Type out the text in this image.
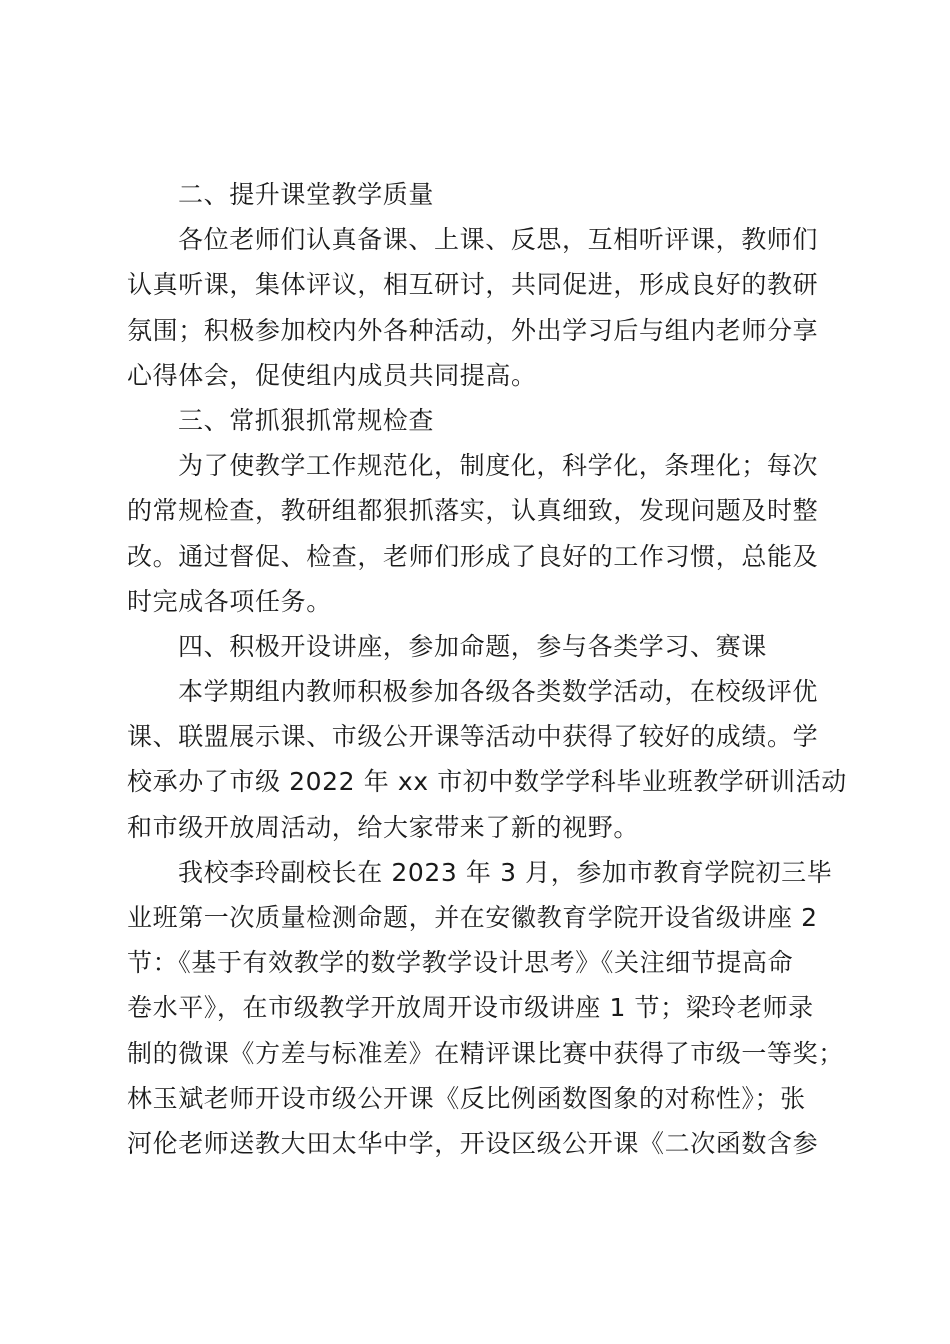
二、提升课堂教学质量
各位老师们认真备课、上课、反思，互相听评课，教师们
认真听课，集体评议，相互研讨，共同促进，形成良好的教研
氛围；积极参加校内外各种活动，外出学习后与组内老师分享
心得体会，促使组内成员共同提高。
三、常抓狠抓常规检查
为了使教学工作规范化，制度化，科学化，条理化；每次
的常规检查，教研组都狠抓落实，认真细致，发现问题及时整
改。通过督促、检查，老师们形成了良好的工作习惯，总能及
时完成各项任务。
四、积极开设讲座，参加命题，参与各类学习、赛课
本学期组内教师积极参加各级各类数学活动，在校级评优
课、联盟展示课、市级公开课等活动中获得了较好的成绩。学
校承办了市级 2022 年 xx 市初中数学学科毕业班教学研训活动
和市级开放周活动，给大家带来了新的视野。
我校李玲副校长在 2023 年 3 月，参加市教育学院初三毕
业班第一次质量检测命题，并在安徽教育学院开设省级讲座 2
节：《基于有效教学的数学教学设计思考》《关注细节提高命
卷水平》，在市级教学开放周开设市级讲座 1 节；梁玲老师录
制的微课《方差与标准差》在精评课比赛中获得了市级一等奖；
林玉斌老师开设市级公开课《反比例函数图象的对称性》；张
河伦老师送教大田太华中学，开设区级公开课《二次函数含参
